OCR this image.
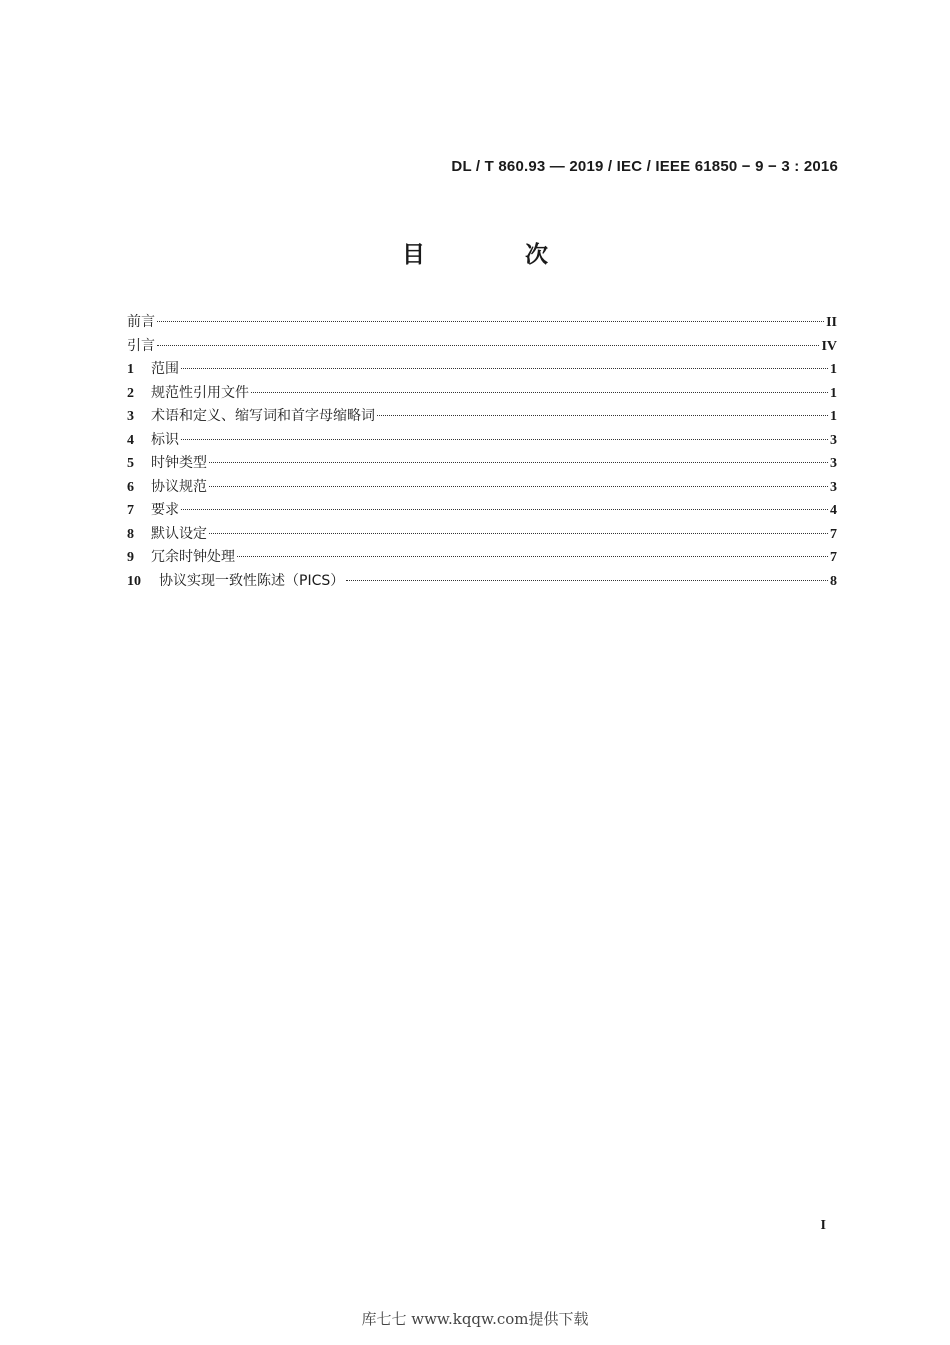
DL / T 860.93 — 2019 / IEC / IEEE 61850 − 9 − 3 : 2016
目 次
前言	II
引言	IV
1	范围	1
2	规范性引用文件	1
3	术语和定义、缩写词和首字母缩略词	1
4	标识	3
5	时钟类型	3
6	协议规范	3
7	要求	4
8	默认设定	7
9	冗余时钟处理	7
10	协议实现一致性陈述（PICS）	8
I
库七七 www.kqqw.com提供下载
